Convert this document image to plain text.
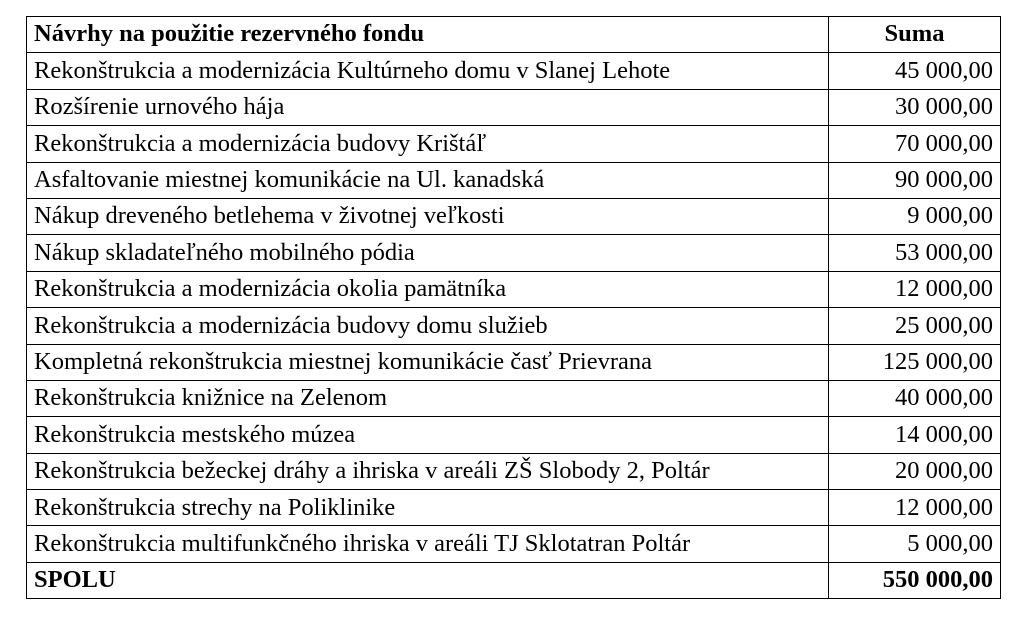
Návrhy na použitie rezervného fondu	Suma
Rekonštrukcia a modernizácia Kultúrneho domu v Slanej Lehote	45 000,00
Rozšírenie urnového hája	30 000,00
Rekonštrukcia a modernizácia budovy Krištáľ	70 000,00
Asfaltovanie miestnej komunikácie na Ul. kanadská	90 000,00
Nákup dreveného betlehema v životnej veľkosti	9 000,00
Nákup skladateľného mobilného pódia	53 000,00
Rekonštrukcia a modernizácia okolia pamätníka	12 000,00
Rekonštrukcia a modernizácia budovy domu služieb	25 000,00
Kompletná rekonštrukcia miestnej komunikácie časť Prievrana	125 000,00
Rekonštrukcia knižnice na Zelenom	40 000,00
Rekonštrukcia mestského múzea	14 000,00
Rekonštrukcia bežeckej dráhy a ihriska v areáli ZŠ Slobody 2, Poltár	20 000,00
Rekonštrukcia strechy na Poliklinike	12 000,00
Rekonštrukcia multifunkčného ihriska v areáli TJ Sklotatran Poltár	5 000,00
SPOLU	550 000,00
